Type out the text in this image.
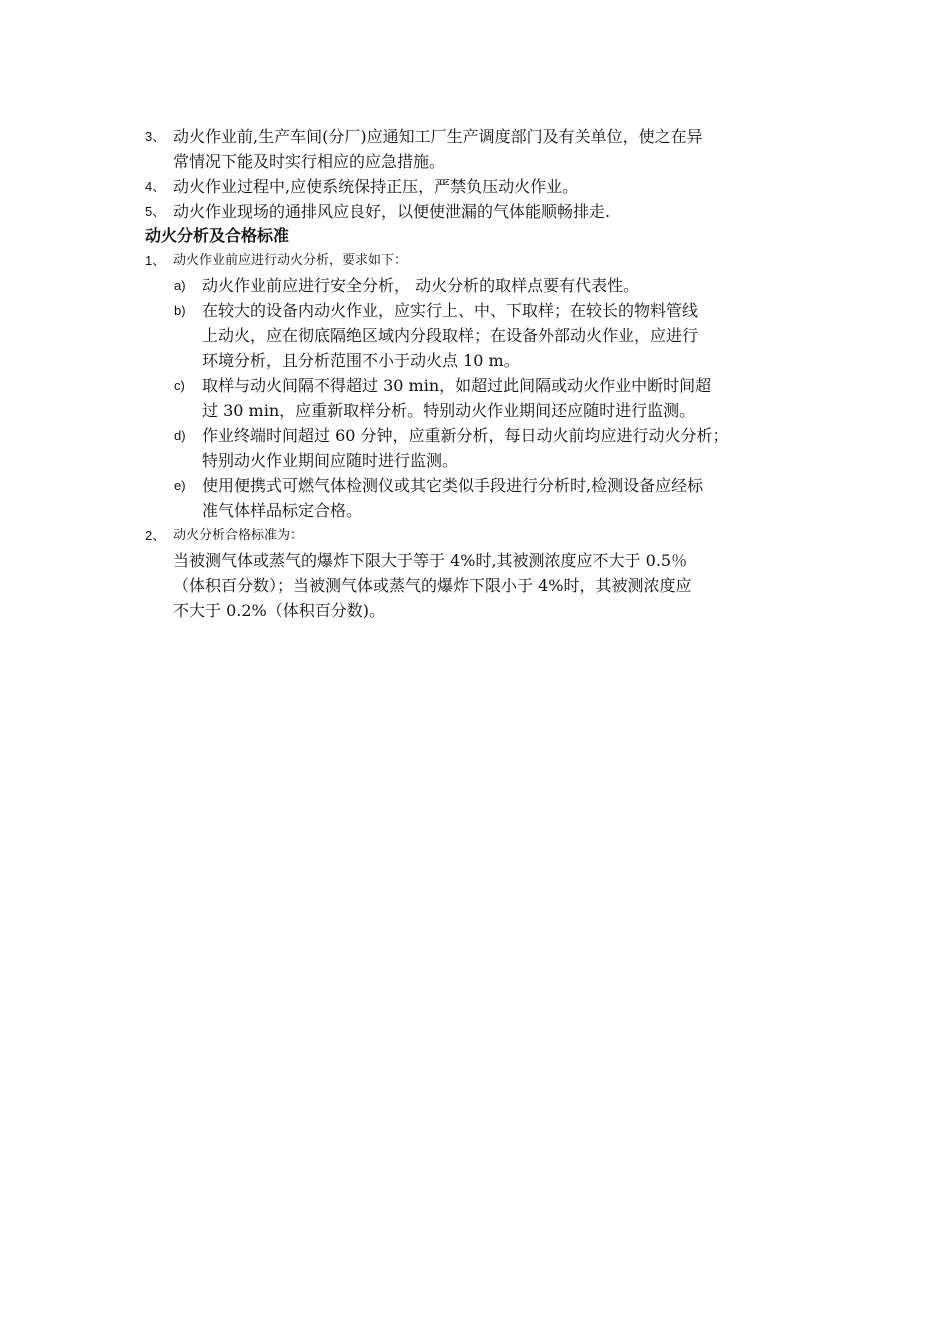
3、 动火作业前,生产车间(分厂)应通知工厂生产调度部门及有关单位，使之在异
常情况下能及时实行相应的应急措施。
4、 动火作业过程中,应使系统保持正压，严禁负压动火作业。
5、 动火作业现场的通排风应良好，以便使泄漏的气体能顺畅排走.
动火分析及合格标准
1、 动火作业前应进行动火分析，要求如下：
a) 动火作业前应进行安全分析， 动火分析的取样点要有代表性。
b) 在较大的设备内动火作业，应实行上、中、下取样；在较长的物料管线
上动火，应在彻底隔绝区域内分段取样；在设备外部动火作业，应进行
环境分析，且分析范围不小于动火点 10 m。
c) 取样与动火间隔不得超过 30 min，如超过此间隔或动火作业中断时间超
过 30 min，应重新取样分析。特别动火作业期间还应随时进行监测。
d) 作业终端时间超过 60 分钟，应重新分析，每日动火前均应进行动火分析；
特别动火作业期间应随时进行监测。
e) 使用便携式可燃气体检测仪或其它类似手段进行分析时,检测设备应经标
准气体样品标定合格。
2、 动火分析合格标准为：
当被测气体或蒸气的爆炸下限大于等于 4%时,其被测浓度应不大于 0.5％
（体积百分数）；当被测气体或蒸气的爆炸下限小于 4%时，其被测浓度应
不大于 0.2%（体积百分数)。
